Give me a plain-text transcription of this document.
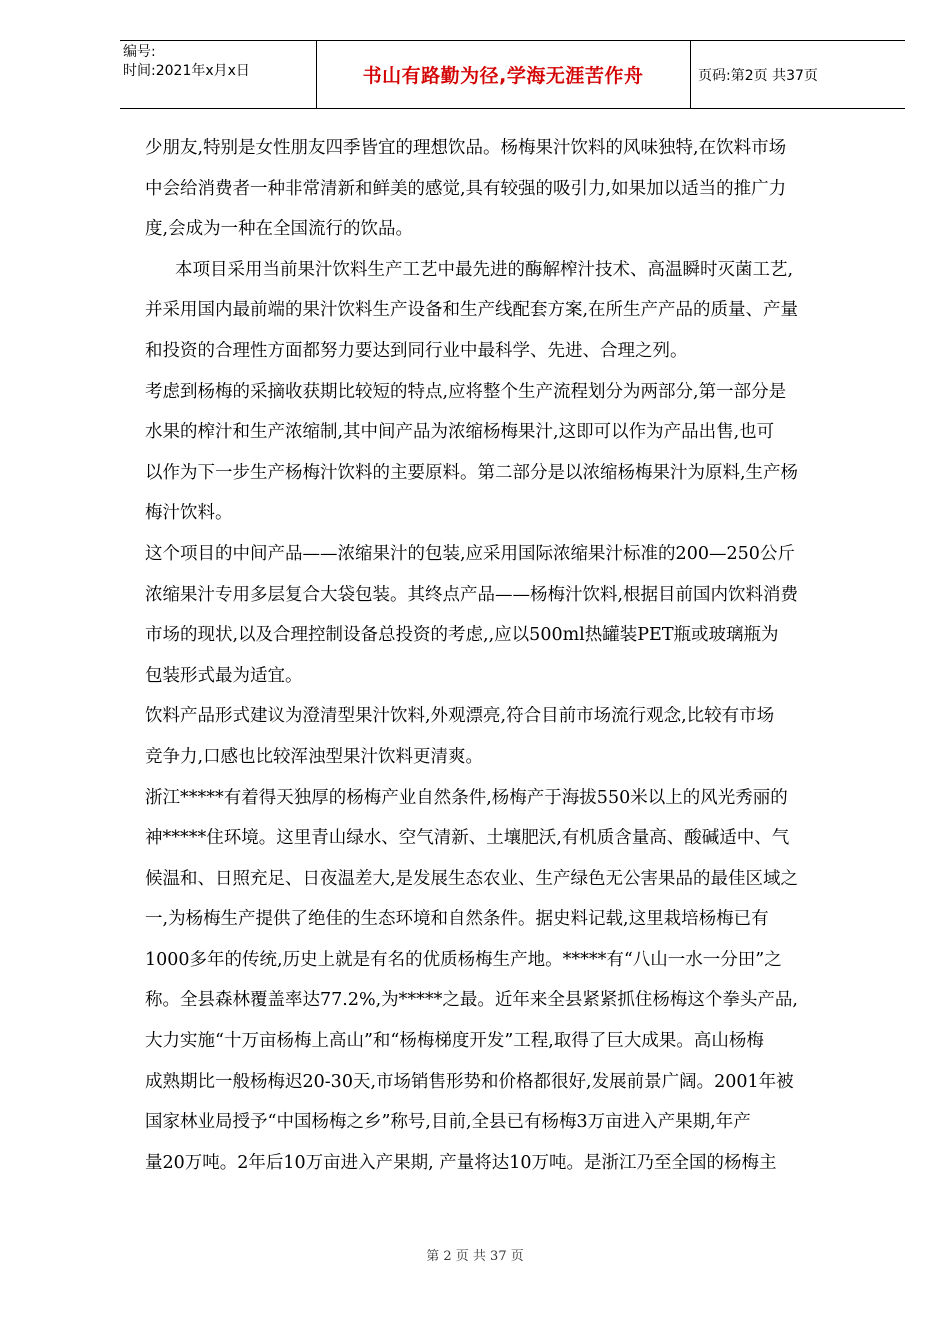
编号:
时间:2021年x月x日	书山有路勤为径,学海无涯苦作舟	页码:第2页 共37页
少朋友,特别是女性朋友四季皆宜的理想饮品。杨梅果汁饮料的风味独特,在饮料市场
中会给消费者一种非常清新和鲜美的感觉,具有较强的吸引力,如果加以适当的推广力
度,会成为一种在全国流行的饮品。
本项目采用当前果汁饮料生产工艺中最先进的酶解榨汁技术、高温瞬时灭菌工艺,
并采用国内最前端的果汁饮料生产设备和生产线配套方案,在所生产产品的质量、产量
和投资的合理性方面都努力要达到同行业中最科学、先进、合理之列。
考虑到杨梅的采摘收获期比较短的特点,应将整个生产流程划分为两部分,第一部分是
水果的榨汁和生产浓缩制,其中间产品为浓缩杨梅果汁,这即可以作为产品出售,也可
以作为下一步生产杨梅汁饮料的主要原料。第二部分是以浓缩杨梅果汁为原料,生产杨
梅汁饮料。
这个项目的中间产品——浓缩果汁的包装,应采用国际浓缩果汁标准的200—250公斤
浓缩果汁专用多层复合大袋包装。其终点产品——杨梅汁饮料,根据目前国内饮料消费
市场的现状,以及合理控制设备总投资的考虑,,应以500ml热罐装PET瓶或玻璃瓶为
包装形式最为适宜。
饮料产品形式建议为澄清型果汁饮料,外观漂亮,符合目前市场流行观念,比较有市场
竞争力,口感也比较浑浊型果汁饮料更清爽。
浙江*****有着得天独厚的杨梅产业自然条件,杨梅产于海拔550米以上的风光秀丽的
神*****住环境。这里青山绿水、空气清新、土壤肥沃,有机质含量高、酸碱适中、气
候温和、日照充足、日夜温差大,是发展生态农业、生产绿色无公害果品的最佳区域之
一,为杨梅生产提供了绝佳的生态环境和自然条件。据史料记载,这里栽培杨梅已有
1000多年的传统,历史上就是有名的优质杨梅生产地。*****有“八山一水一分田”之
称。全县森林覆盖率达77.2%,为*****之最。近年来全县紧紧抓住杨梅这个拳头产品,
大力实施“十万亩杨梅上高山”和“杨梅梯度开发”工程,取得了巨大成果。高山杨梅
成熟期比一般杨梅迟20-30天,市场销售形势和价格都很好,发展前景广阔。2001年被
国家林业局授予“中国杨梅之乡”称号,目前,全县已有杨梅3万亩进入产果期,年产
量20万吨。2年后10万亩进入产果期, 产量将达10万吨。是浙江乃至全国的杨梅主
第 2 页 共 37 页
